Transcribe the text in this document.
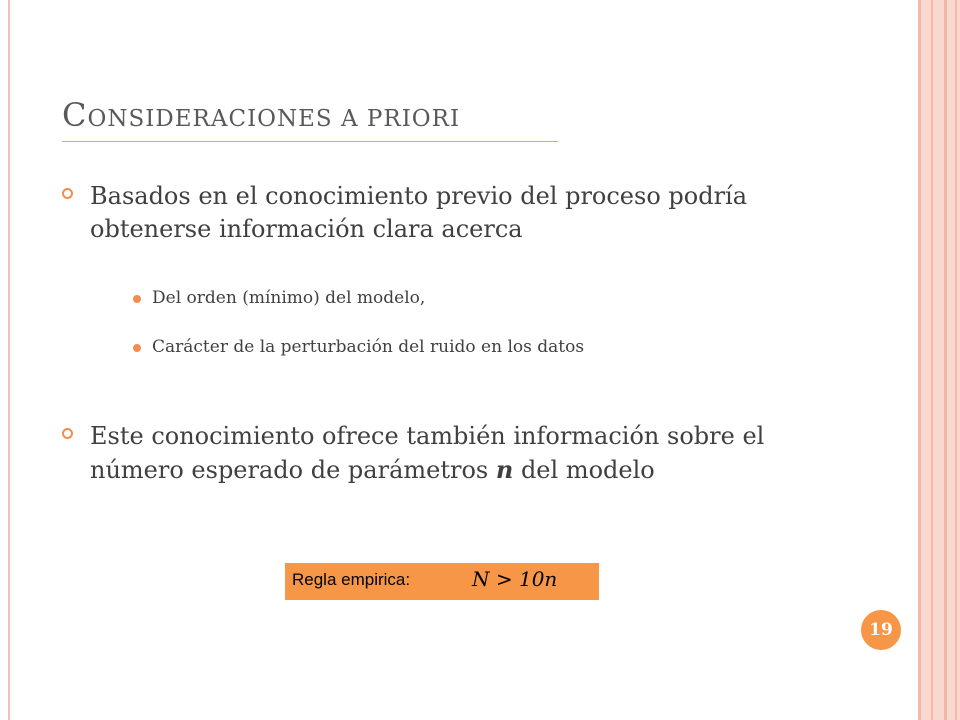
CONSIDERACIONES A PRIORI
Basados en el conocimiento previo del proceso podría obtenerse información clara acerca
Del orden (mínimo) del modelo,
Carácter de la perturbación del ruido en los datos
Este conocimiento ofrece también información sobre el número esperado de parámetros n del modelo
Regla empirica:	N > 10n
19
